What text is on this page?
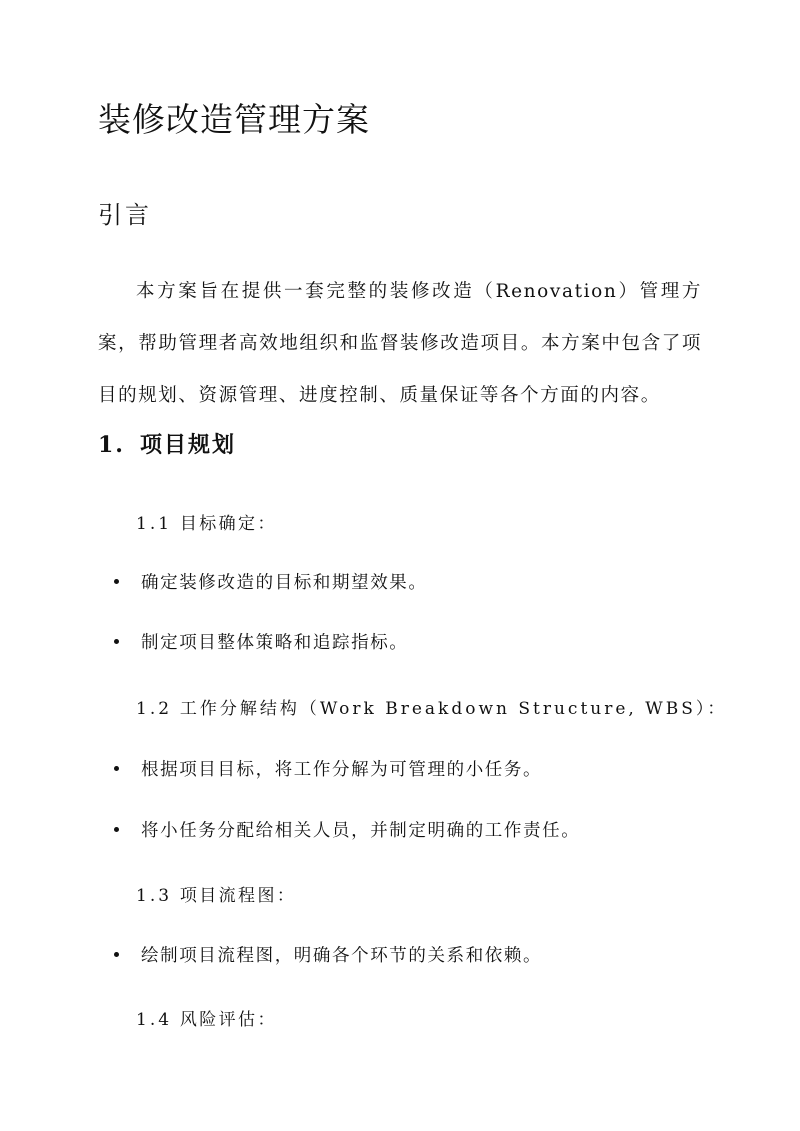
装修改造管理方案
引言

本方案旨在提供一套完整的装修改造（Renovation）管理方案，帮助管理者高效地组织和监督装修改造项目。本方案中包含了项目的规划、资源管理、进度控制、质量保证等各个方面的内容。

1. 项目规划
1.1 目标确定：
确定装修改造的目标和期望效果。
制定项目整体策略和追踪指标。
1.2 工作分解结构（Work Breakdown Structure, WBS）：
根据项目目标，将工作分解为可管理的小任务。
将小任务分配给相关人员，并制定明确的工作责任。
1.3 项目流程图：
绘制项目流程图，明确各个环节的关系和依赖。
1.4 风险评估：
